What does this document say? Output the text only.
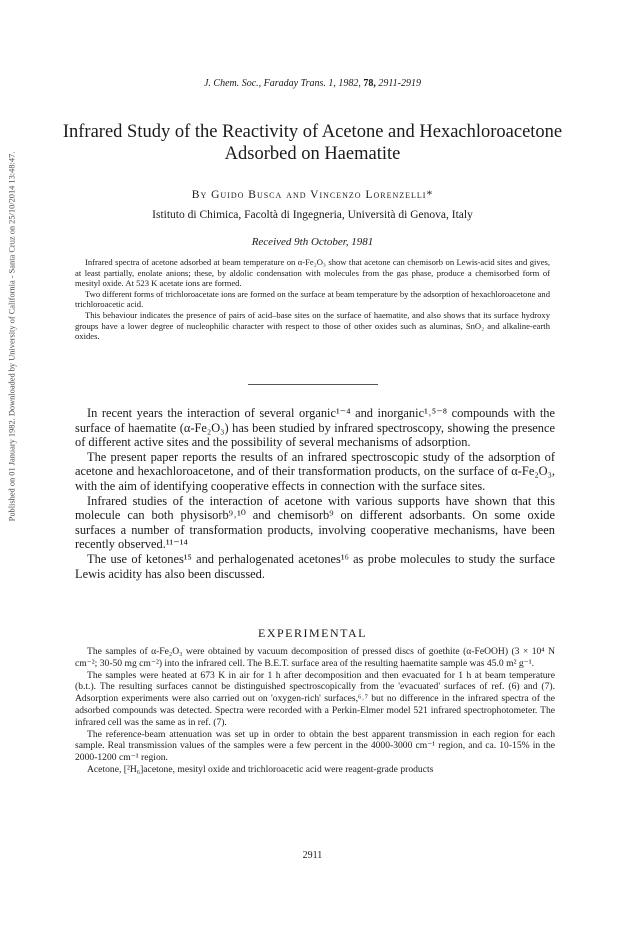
Published on 01 January 1982. Downloaded by University of California - Santa Cruz on 25/10/2014 13:48:47.
J. Chem. Soc., Faraday Trans. 1, 1982, 78, 2911-2919
Infrared Study of the Reactivity of Acetone and Hexachloroacetone Adsorbed on Haematite
By Guido Busca and Vincenzo Lorenzelli*
Istituto di Chimica, Facoltà di Ingegneria, Università di Genova, Italy
Received 9th October, 1981

Infrared spectra of acetone adsorbed at beam temperature on α-Fe₂O₃ show that acetone can chemisorb on Lewis-acid sites and gives, at least partially, enolate anions; these, by aldolic condensation with molecules from the gas phase, produce a chemisorbed form of mesityl oxide. At 523 K acetate ions are formed.

Two different forms of trichloroacetate ions are formed on the surface at beam temperature by the adsorption of hexachloroacetone and trichloroacetic acid.

This behaviour indicates the presence of pairs of acid–base sites on the surface of haematite, and also shows that its surface hydroxy groups have a lower degree of nucleophilic character with respect to those of other oxides such as aluminas, SnO₂ and alkaline-earth oxides.

In recent years the interaction of several organic¹⁻⁴ and inorganic¹˒⁵⁻⁸ compounds with the surface of haematite (α-Fe₂O₃) has been studied by infrared spectroscopy, showing the presence of different active sites and the possibility of several mechanisms of adsorption.

The present paper reports the results of an infrared spectroscopic study of the adsorption of acetone and hexachloroacetone, and of their transformation products, on the surface of α-Fe₂O₃, with the aim of identifying cooperative effects in connection with the surface sites.

Infrared studies of the interaction of acetone with various supports have shown that this molecule can both physisorb⁹˒¹⁰ and chemisorb⁹ on different adsorbants. On some oxide surfaces a number of transformation products, involving cooperative mechanisms, have been recently observed.¹¹⁻¹⁴

The use of ketones¹⁵ and perhalogenated acetones¹⁶ as probe molecules to study the surface Lewis acidity has also been discussed.

EXPERIMENTAL

The samples of α-Fe₂O₃ were obtained by vacuum decomposition of pressed discs of goethite (α-FeOOH) (3 × 10⁴ N cm⁻²; 30-50 mg cm⁻²) into the infrared cell. The B.E.T. surface area of the resulting haematite sample was 45.0 m² g⁻¹.

The samples were heated at 673 K in air for 1 h after decomposition and then evacuated for 1 h at beam temperature (b.t.). The resulting surfaces cannot be distinguished spectroscopically from the 'evacuated' surfaces of ref. (6) and (7). Adsorption experiments were also carried out on 'oxygen-rich' surfaces,⁶˒⁷ but no difference in the infrared spectra of the adsorbed compounds was detected. Spectra were recorded with a Perkin-Elmer model 521 infrared spectrophotometer. The infrared cell was the same as in ref. (7).

The reference-beam attenuation was set up in order to obtain the best apparent transmission in each region for each sample. Real transmission values of the samples were a few percent in the 4000-3000 cm⁻¹ region, and ca. 10-15% in the 2000-1200 cm⁻¹ region.

Acetone, [²H₆]acetone, mesityl oxide and trichloroacetic acid were reagent-grade products

2911
